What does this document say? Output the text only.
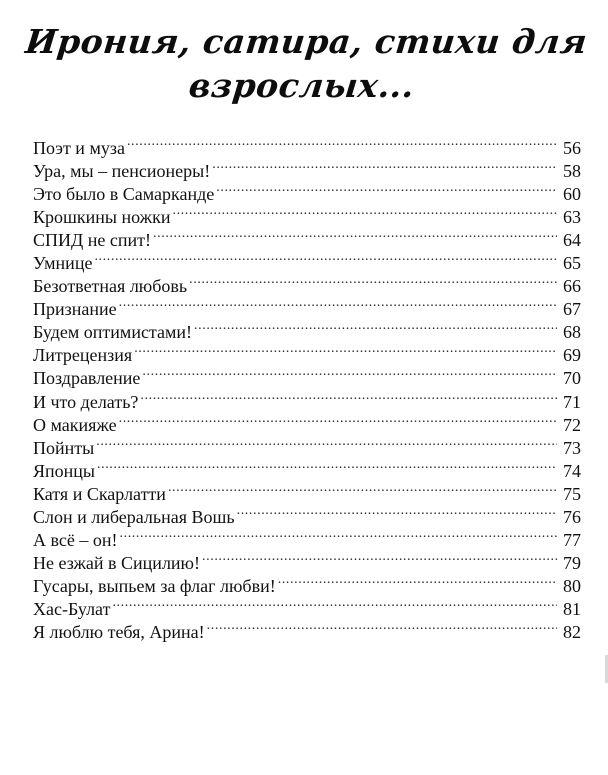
Ирония, сатира, стихи для
взрослых...
Поэт и муза .....	56
Ура, мы – пенсионеры! .....	58
Это было в Самарканде .....	60
Крошкины ножки .....	63
СПИД не спит! .....	64
Умнице .....	65
Безответная любовь .....	66
Признание .....	67
Будем оптимистами! .....	68
Литрецензия .....	69
Поздравление .....	70
И что делать? .....	71
О макияже .....	72
Пойнты .....	73
Японцы .....	74
Катя и Скарлатти .....	75
Слон и либеральная Вошь .....	76
А всё – он! .....	77
Не езжай в Сицилию! .....	79
Гусары, выпьем за флаг любви! .....	80
Хас-Булат .....	81
Я люблю тебя, Арина! .....	82
